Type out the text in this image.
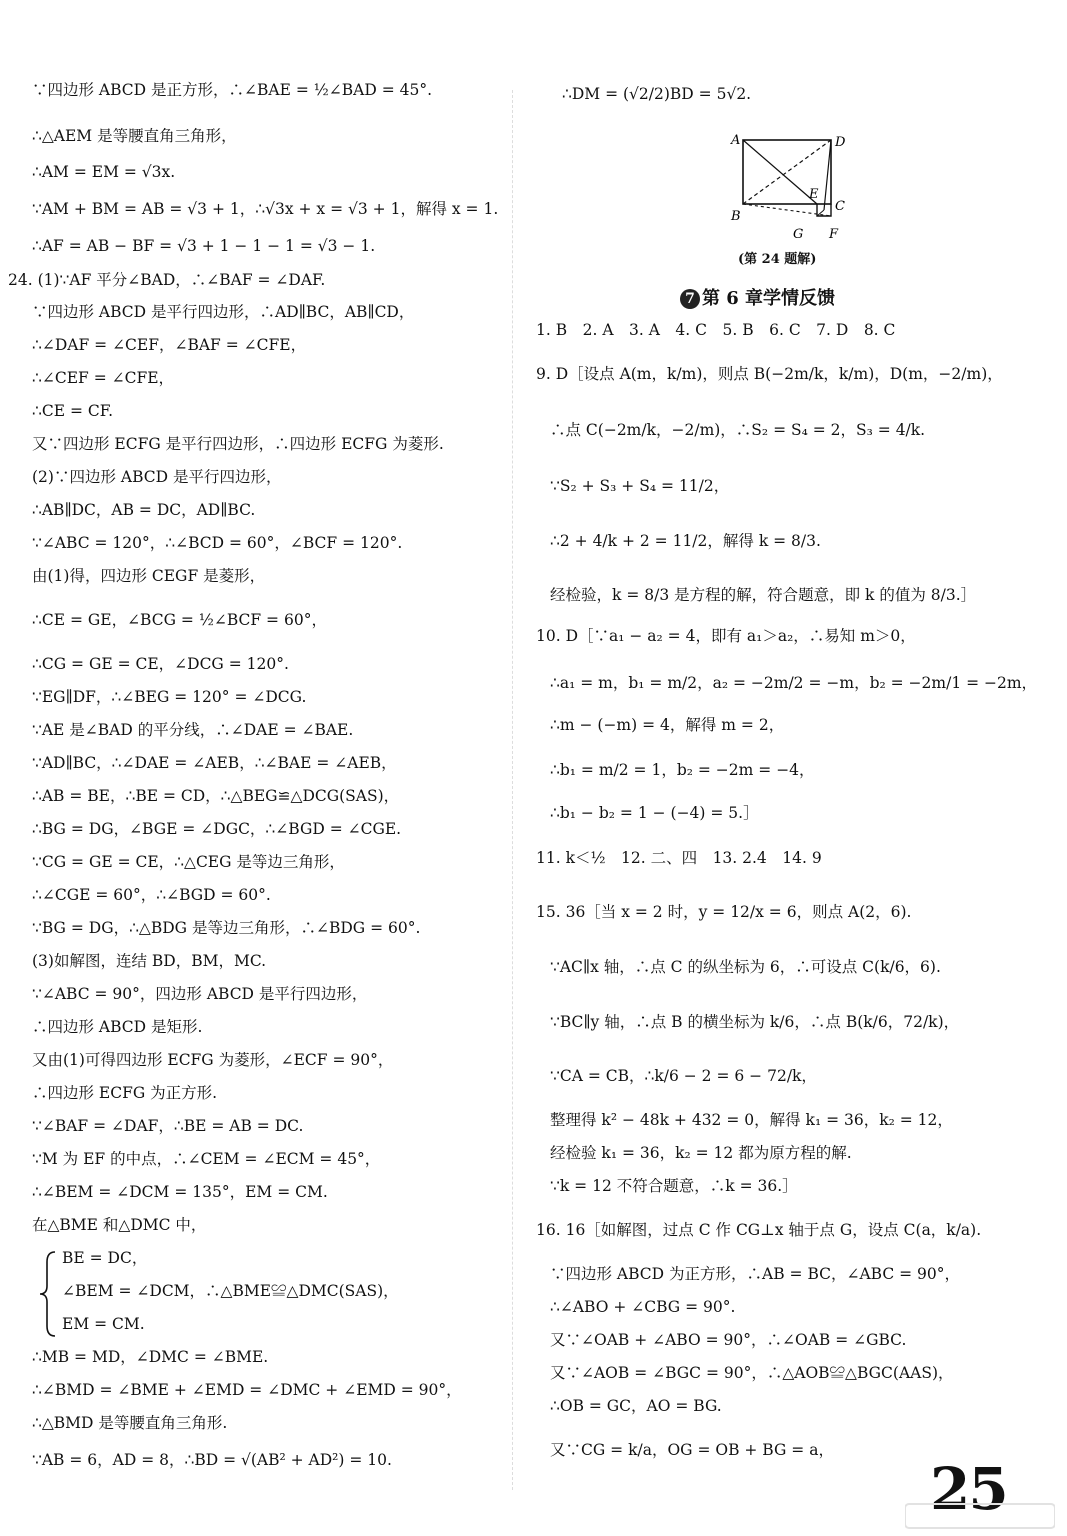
∵四边形 ABCD 是正方形，∴∠BAE = ½∠BAD = 45°.
∴△AEM 是等腰直角三角形，
∴AM = EM = √3x.
∵AM + BM = AB = √3 + 1，∴√3x + x = √3 + 1，解得 x = 1.
∴AF = AB − BF = √3 + 1 − 1 − 1 = √3 − 1.
24. (1)∵AF 平分∠BAD，∴∠BAF = ∠DAF.
∵四边形 ABCD 是平行四边形，∴AD∥BC，AB∥CD，
∴∠DAF = ∠CEF，∠BAF = ∠CFE，
∴∠CEF = ∠CFE，
∴CE = CF.
又∵四边形 ECFG 是平行四边形，∴四边形 ECFG 为菱形.
(2)∵四边形 ABCD 是平行四边形，
∴AB∥DC，AB = DC，AD∥BC.
∵∠ABC = 120°，∴∠BCD = 60°，∠BCF = 120°.
由(1)得，四边形 CEGF 是菱形，
∴CE = GE，∠BCG = ½∠BCF = 60°，
∴CG = GE = CE，∠DCG = 120°.
∵EG∥DF，∴∠BEG = 120° = ∠DCG.
∵AE 是∠BAD 的平分线，∴∠DAE = ∠BAE.
∵AD∥BC，∴∠DAE = ∠AEB，∴∠BAE = ∠AEB，
∴AB = BE，∴BE = CD，∴△BEG≌△DCG(SAS)，
∴BG = DG，∠BGE = ∠DGC，∴∠BGD = ∠CGE.
∵CG = GE = CE，∴△CEG 是等边三角形，
∴∠CGE = 60°，∴∠BGD = 60°.
∵BG = DG，∴△BDG 是等边三角形，∴∠BDG = 60°.
(3)如解图，连结 BD，BM，MC.
∵∠ABC = 90°，四边形 ABCD 是平行四边形，
∴四边形 ABCD 是矩形.
又由(1)可得四边形 ECFG 为菱形，∠ECF = 90°，
∴四边形 ECFG 为正方形.
∵∠BAF = ∠DAF，∴BE = AB = DC.
∵M 为 EF 的中点，∴∠CEM = ∠ECM = 45°，
∴∠BEM = ∠DCM = 135°，EM = CM.
在△BME 和△DMC 中，
BE = DC，
∠BEM = ∠DCM，∴△BME≌△DMC(SAS)，
EM = CM.
∴MB = MD，∠DMC = ∠BME.
∴∠BMD = ∠BME + ∠EMD = ∠DMC + ∠EMD = 90°，
∴△BMD 是等腰直角三角形.
∵AB = 6，AD = 8，∴BD = √(AB² + AD²) = 10.
∴DM = (√2/2)BD = 5√2.
1. B　2. A　3. A　4. C　5. B　6. C　7. D　8. C
9. D［设点 A(m，k/m)，则点 B(−2m/k，k/m)，D(m，−2/m)，
∴点 C(−2m/k，−2/m)，∴S₂ = S₄ = 2，S₃ = 4/k.
∵S₂ + S₃ + S₄ = 11/2，
∴2 + 4/k + 2 = 11/2，解得 k = 8/3.
经检验，k = 8/3 是方程的解，符合题意，即 k 的值为 8/3.］
10. D［∵a₁ − a₂ = 4，即有 a₁＞a₂，∴易知 m＞0，
∴a₁ = m，b₁ = m/2，a₂ = −2m/2 = −m，b₂ = −2m/1 = −2m，
∴m − (−m) = 4，解得 m = 2，
∴b₁ = m/2 = 1，b₂ = −2m = −4，
∴b₁ − b₂ = 1 − (−4) = 5.］
11. k＜½　12. 二、四　13. 2.4　14. 9
15. 36［当 x = 2 时，y = 12/x = 6，则点 A(2，6).
∵AC∥x 轴，∴点 C 的纵坐标为 6，∴可设点 C(k/6，6).
∵BC∥y 轴，∴点 B 的横坐标为 k/6，∴点 B(k/6，72/k)，
∵CA = CB，∴k/6 − 2 = 6 − 72/k，
整理得 k² − 48k + 432 = 0，解得 k₁ = 36，k₂ = 12，
经检验 k₁ = 36，k₂ = 12 都为原方程的解.
∵k = 12 不符合题意，∴k = 36.］
16. 16［如解图，过点 C 作 CG⊥x 轴于点 G，设点 C(a，k/a).
∵四边形 ABCD 为正方形，∴AB = BC，∠ABC = 90°，
∴∠ABO + ∠CBG = 90°.
又∵∠OAB + ∠ABO = 90°，∴∠OAB = ∠GBC.
又∵∠AOB = ∠BGC = 90°，∴△AOB≌△BGC(AAS)，
∴OB = GC，AO = BG.
又∵CG = k/a，OG = OB + BG = a，
A	D
E
C
B
G F
(第 24 题解)
7 第 6 章学情反馈
25
